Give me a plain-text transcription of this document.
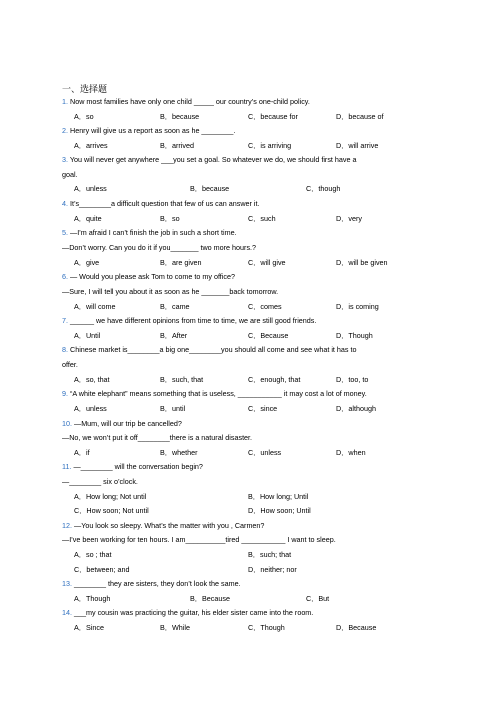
一、选择题
1. Now most families have only one child _____ our country’s one-child policy.
A．so	B．because	C．because for	D．because of
2. Henry will give us a report as soon as he ________.
A．arrives	B．arrived	C．is arriving	D．will arrive
3. You will never get anywhere ___you set a goal. So whatever we do, we should first have a
goal.
A．unless	B．because	C．though
4. It’s________a difficult question that few of us can answer it.
A．quite	B．so	C．such	D．very
5. —I’m afraid I can’t finish the job in such a short time.
—Don’t worry. Can you do it if you_______ two more hours.?
A．give	B．are given	C．will give	D．will be given
6. — Would you please ask Tom to come to my office?
—Sure, I will tell you about it as soon as he _______back tomorrow.
A．will come	B．came	C．comes	D．is coming
7. ______ we have different opinions from time to time, we are still good friends.
A．Until	B．After	C．Because	D．Though
8. Chinese market is________a big one________you should all come and see what it has to
offer.
A．so, that	B．such, that	C．enough, that	D．too, to
9. “A white elephant” means something that is useless, ___________ it may cost a lot of money.
A．unless	B．until	C．since	D．although
10. —Mum, will our trip be cancelled?
—No, we won’t put it off________there is a natural disaster.
A．if	B．whether	C．unless	D．when
11. —________ will the conversation begin?
—________ six o’clock.
A．How long; Not until	B．How long; Until
C．How soon; Not until	D．How soon; Until
12. —You look so sleepy. What’s the matter with you , Carmen?
—I’ve been working for ten hours. I am__________tired ___________ I want to sleep.
A．so ; that	B．such; that
C．between; and	D．neither; nor
13. ________ they are sisters, they don’t look the same.
A．Though	B．Because	C．But
14. ___my cousin was practicing the guitar, his elder sister came into the room.
A．Since	B．While	C．Though	D．Because
